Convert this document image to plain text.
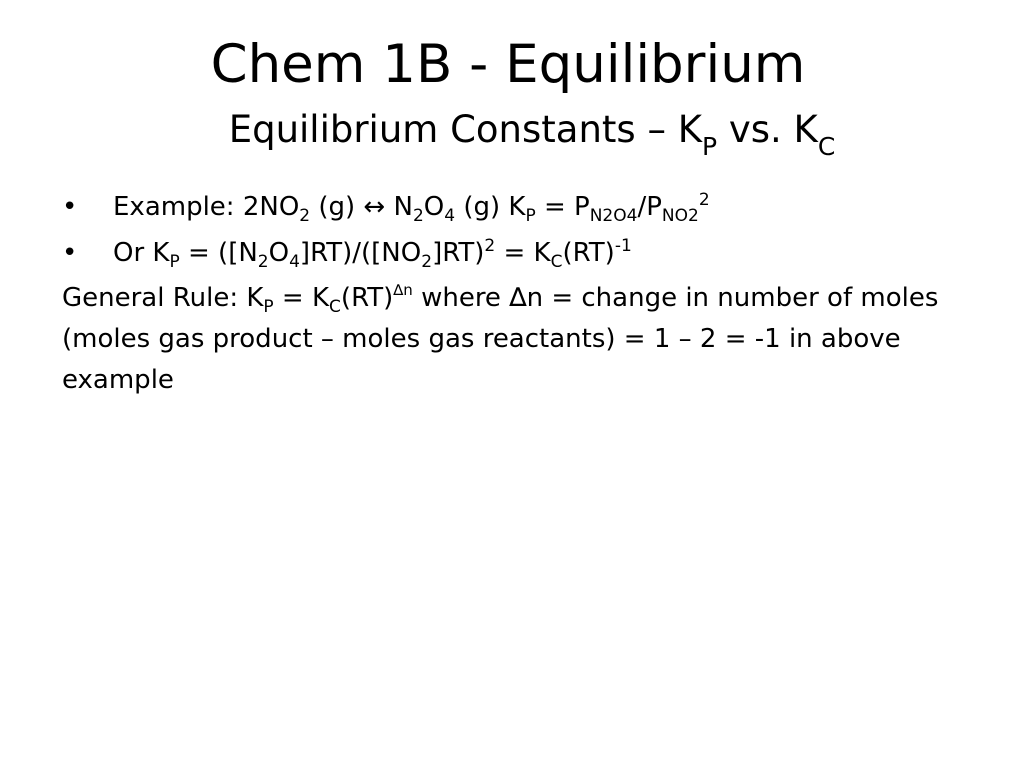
Chem 1B - Equilibrium
Equilibrium Constants – $K_P$ vs. $K_C$
• Example: $2NO_2$ (g) ↔ $N_2O_4$ (g) $K_P = P_{N2O4}/P_{NO2}^2$
• Or $K_P = ([N_2O_4]RT)/([NO_2]RT)^2 = K_C(RT)^{-1}$
General Rule: $K_P = K_C(RT)^{\Delta n}$ where ∆n = change in number of moles (moles gas product – moles gas reactants) = 1 – 2 = -1 in above example
